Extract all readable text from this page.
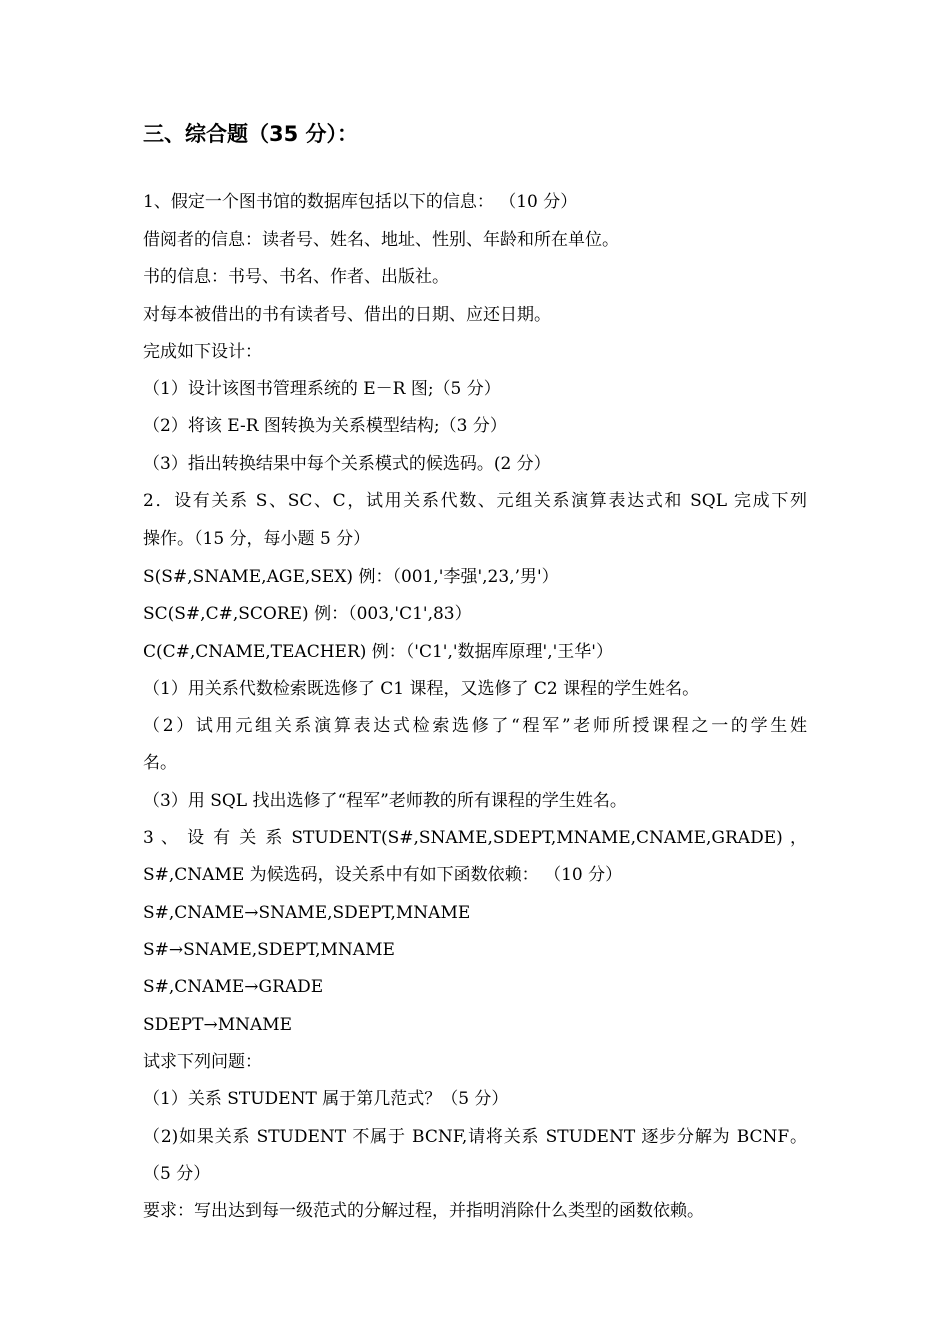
三、综合题（35 分）：
1、假定一个图书馆的数据库包括以下的信息： （10 分）
借阅者的信息：读者号、姓名、地址、性别、年龄和所在单位。
书的信息：书号、书名、作者、出版社。
对每本被借出的书有读者号、借出的日期、应还日期。
完成如下设计：
（1）设计该图书管理系统的 E－R 图;（5 分）
（2）将该 E-R 图转换为关系模型结构;（3 分）
（3）指出转换结果中每个关系模式的候选码。(2 分）
2．设有关系 S、SC、C，试用关系代数、元组关系演算表达式和 SQL 完成下列
操作。（15 分，每小题 5 分）
S(S#,SNAME,AGE,SEX) 例：（001,'李强',23,’男'）
SC(S#,C#,SCORE) 例：（003,'C1',83）
C(C#,CNAME,TEACHER) 例：（'C1','数据库原理','王华'）
（1）用关系代数检索既选修了 C1 课程，又选修了 C2 课程的学生姓名。
（2）试用元组关系演算表达式检索选修了“程军”老师所授课程之一的学生姓
名。
（3）用 SQL 找出选修了“程军”老师教的所有课程的学生姓名。
3 、 设 有 关 系 STUDENT(S#,SNAME,SDEPT,MNAME,CNAME,GRADE) ，
S#,CNAME 为候选码，设关系中有如下函数依赖： （10 分）
S#,CNAME→SNAME,SDEPT,MNAME
S#→SNAME,SDEPT,MNAME
S#,CNAME→GRADE
SDEPT→MNAME
试求下列问题：
（1）关系 STUDENT 属于第几范式？（5 分）
（2)如果关系 STUDENT 不属于 BCNF,请将关系 STUDENT 逐步分解为 BCNF。
（5 分）
要求：写出达到每一级范式的分解过程，并指明消除什么类型的函数依赖。
